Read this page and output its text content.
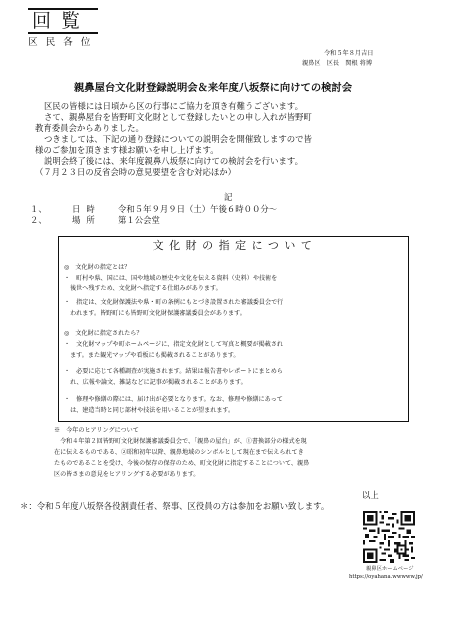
回覧
区民各位
令和５年８月吉日
親鼻区　区長　関根 将博
親鼻屋台文化財登録説明会＆来年度八坂祭に向けての検討会
区民の皆様には日頃から区の行事にご協力を頂き有難うございます。
さて、親鼻屋台を皆野町文化財として登録したいとの申し入れが皆野町
教育委員会からありました。
つきましては、下記の通り登録についての説明会を開催致しますので皆
様のご参加を頂きます様お願いを申し上げます。
説明会終了後には、来年度親鼻八坂祭に向けての検討会を行います。
（７月２３日の反省会時の意見要望を含む対応ほか）
記
１、	日時 令和５年９月９日（土）午後６時００分～
２、	場所 第１公会堂
文化財の指定について
◎　文化財の指定とは？
・　町村や県、国には、国や地域の歴史や文化を伝える資料（史料）や技術を
　後世へ残すため、文化財へ指定する仕組みがあります。
・　指定は、文化財保護法や県・町の条例にもとづき設置された審議委員会で行
　われます。皆野町にも皆野町文化財保護審議委員会があります。
◎　文化財に指定されたら？
・　文化財マップや町ホームページに、指定文化財として写真と概要が掲載され
　ます。また観光マップや看板にも掲載されることがあります。
・　必要に応じて各種調査が実施されます。結果は報告書やレポートにまとめら
　れ、広報や論文、雑誌などに記事が掲載されることがあります。
・　修理や修繕の際には、届け出が必要となります。なお、修理や修繕にあって
　は、建造当時と同じ部材や技法を用いることが望まれます。
※　今年のヒアリングについて
　令和４年第２回皆野町文化財保護審議委員会で、「親鼻の屋台」が、①書換部分の様式を現
在に伝えるものである、②昭和初年以降、親鼻地域のシンボルとして現在まで伝えられてき
たものであることを受け、今後の保存の保存のため、町文化財に指定することについて、親鼻
区の皆さまの意見をヒアリングする必要があります。
以上
＊：令和５年度八坂祭各役割責任者、祭事、区役員の方は参加をお願い致します。
親鼻区ホームページ
https://oyahana.wwwww.jp/
